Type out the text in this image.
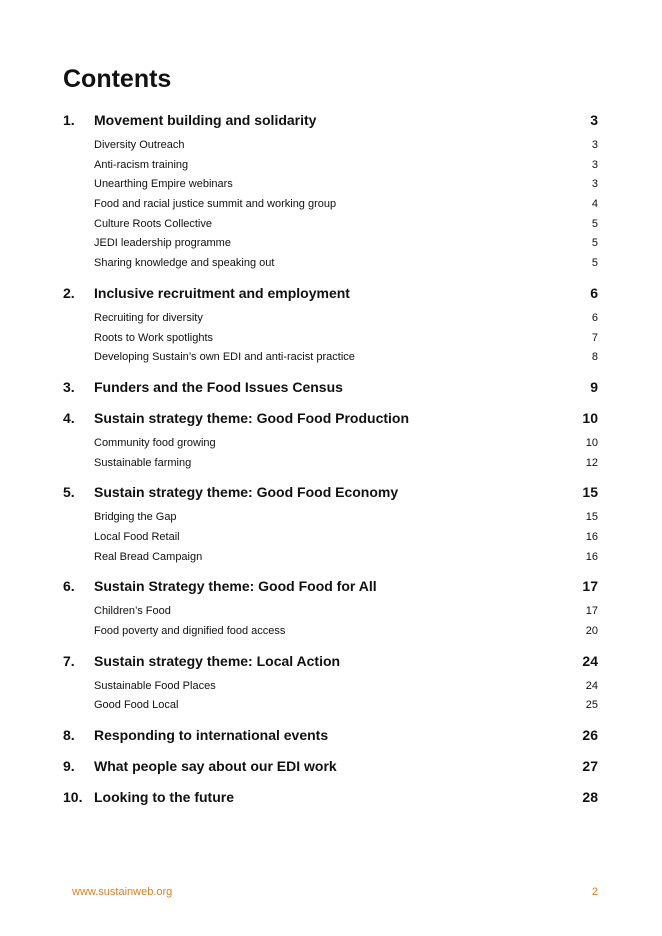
Contents
1.	Movement building and solidarity	3
Diversity Outreach	3
Anti-racism training	3
Unearthing Empire webinars	3
Food and racial justice summit and working group	4
Culture Roots Collective	5
JEDI leadership programme	5
Sharing knowledge and speaking out	5
2.	Inclusive recruitment and employment	6
Recruiting for diversity	6
Roots to Work spotlights	7
Developing Sustain’s own EDI and anti-racist practice	8
3.	Funders and the Food Issues Census	9
4.	Sustain strategy theme: Good Food Production	10
Community food growing	10
Sustainable farming	12
5.	Sustain strategy theme: Good Food Economy	15
Bridging the Gap	15
Local Food Retail	16
Real Bread Campaign	16
6.	Sustain Strategy theme: Good Food for All	17
Children’s Food	17
Food poverty and dignified food access	20
7.	Sustain strategy theme: Local Action	24
Sustainable Food Places	24
Good Food Local	25
8.	Responding to international events	26
9.	What people say about our EDI work	27
10. Looking to the future	28
www.sustainweb.org	2
